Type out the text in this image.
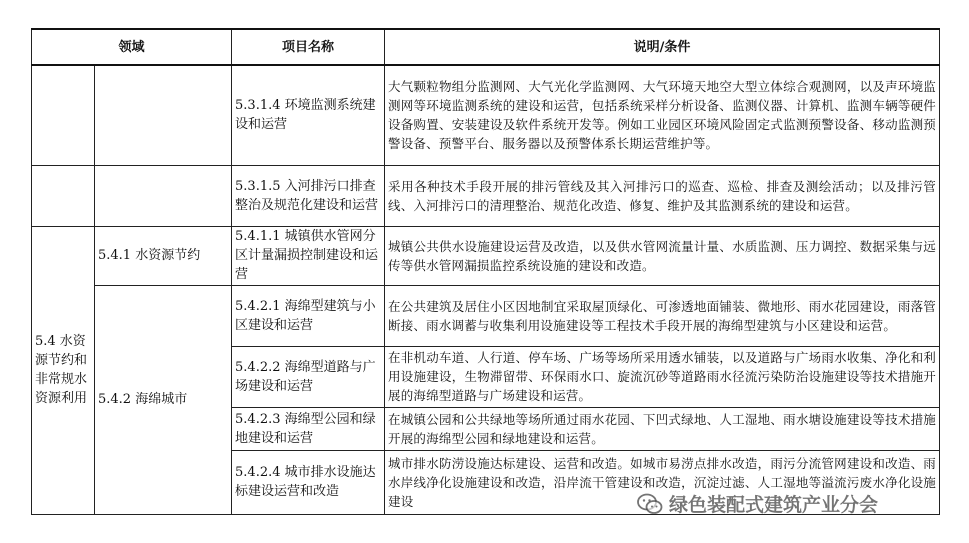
领域		项目名称	说明/条件
		5.3.1.4 环境监测系统建设和运营	大气颗粒物组分监测网、大气光化学监测网、大气环境天地空大型立体综合观测网，以及声环境监测网等环境监测系统的建设和运营，包括系统采样分析设备、监测仪器、计算机、监测车辆等硬件设备购置、安装建设及软件系统开发等。例如工业园区环境风险固定式监测预警设备、移动监测预警设备、预警平台、服务器以及预警体系长期运营维护等。
		5.3.1.5 入河排污口排查整治及规范化建设和运营	采用各种技术手段开展的排污管线及其入河排污口的巡查、巡检、排查及测绘活动；以及排污管线、入河排污口的清理整治、规范化改造、修复、维护及其监测系统的建设和运营。
5.4 水资源节约和非常规水资源利用	5.4.1 水资源节约	5.4.1.1 城镇供水管网分区计量漏损控制建设和运营	城镇公共供水设施建设运营及改造，以及供水管网流量计量、水质监测、压力调控、数据采集与远传等供水管网漏损监控系统设施的建设和改造。
	5.4.2 海绵城市	5.4.2.1 海绵型建筑与小区建设和运营	在公共建筑及居住小区因地制宜采取屋顶绿化、可渗透地面铺装、微地形、雨水花园建设，雨落管断接、雨水调蓄与收集利用设施建设等工程技术手段开展的海绵型建筑与小区建设和运营。
		5.4.2.2 海绵型道路与广场建设和运营	在非机动车道、人行道、停车场、广场等场所采用透水铺装，以及道路与广场雨水收集、净化和利用设施建设，生物滞留带、环保雨水口、旋流沉砂等道路雨水径流污染防治设施建设等技术措施开展的海绵型道路与广场建设和运营。
		5.4.2.3 海绵型公园和绿地建设和运营	在城镇公园和公共绿地等场所通过雨水花园、下凹式绿地、人工湿地、雨水塘设施建设等技术措施开展的海绵型公园和绿地建设和运营。
		5.4.2.4 城市排水设施达标建设运营和改造	城市排水防涝设施达标建设、运营和改造。如城市易涝点排水改造，雨污分流管网建设和改造、雨水岸线净化设施建设和改造，沿岸流干管建设和改造，沉淀过滤、人工湿地等溢流污废水净化设施建设	绿色装配式建筑产业分会
